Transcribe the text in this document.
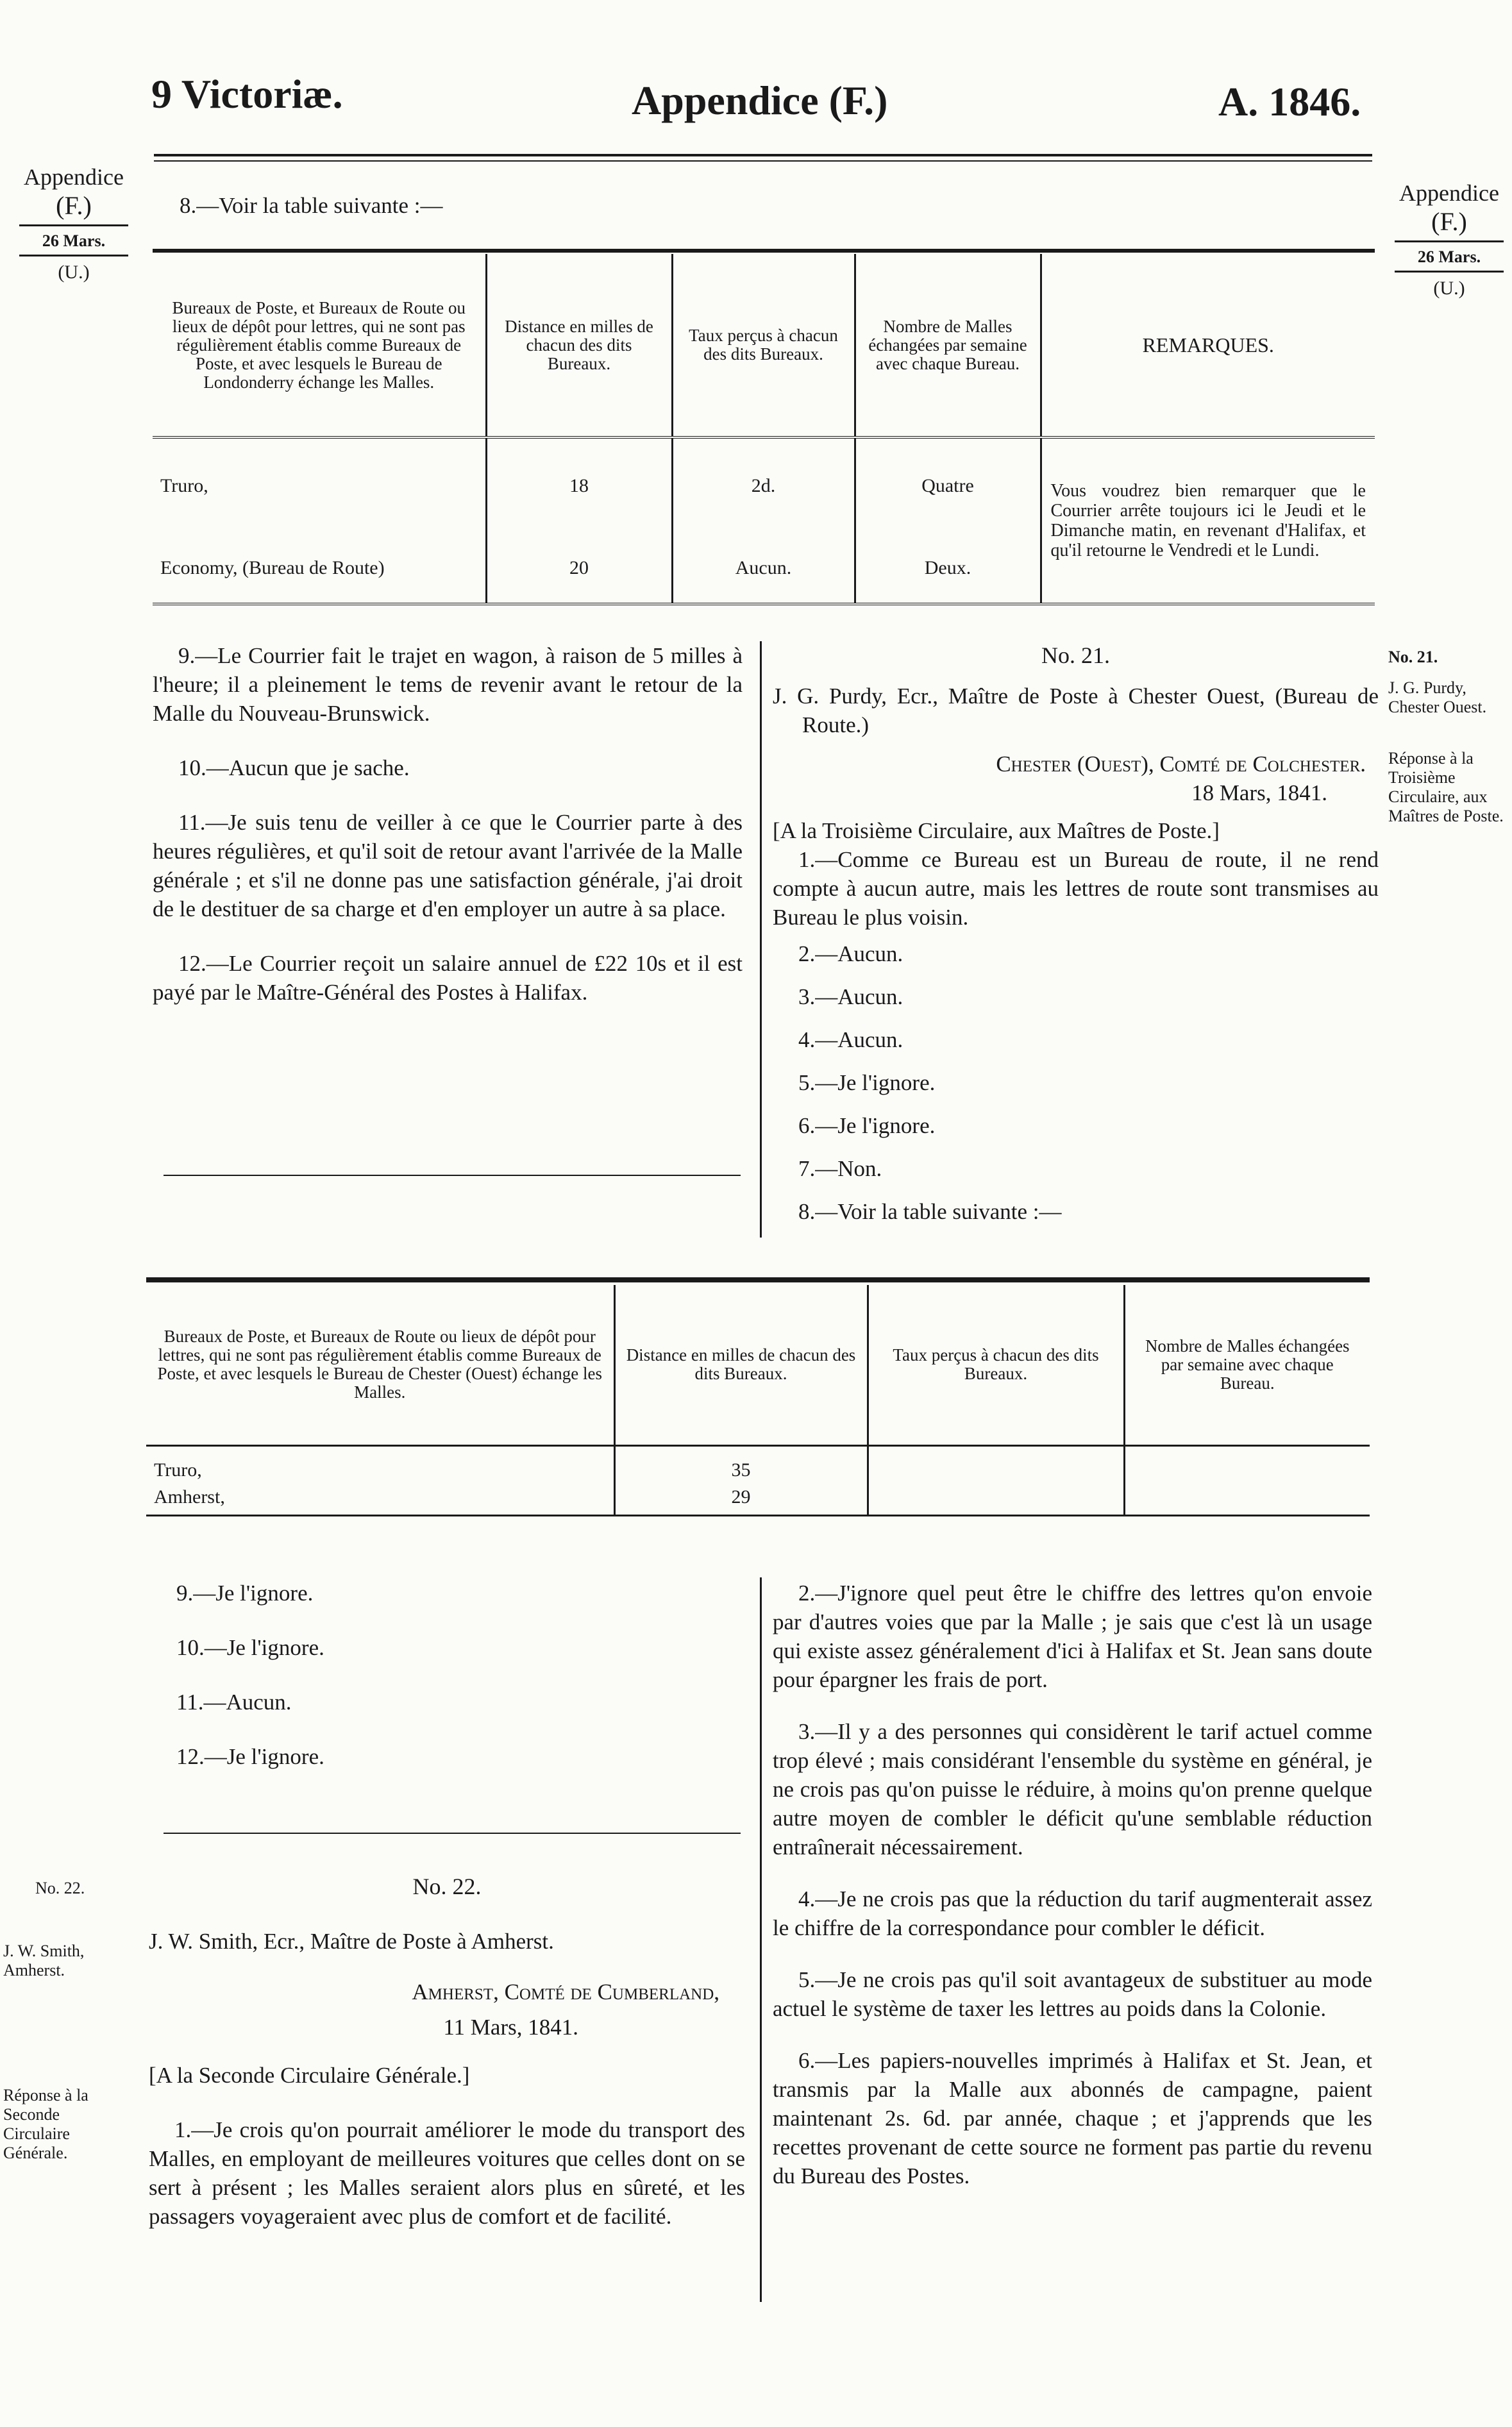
9 Victoriæ.	Appendice (F.)	A. 1846.
Appendice
(F.)
26 Mars.
(U.)
Appendice
(F.)
26 Mars.
(U.)
8.—Voir la table suivante :—
Bureaux de Poste, et Bureaux de Route ou lieux de dépôt pour lettres, qui ne sont pas régulièrement établis comme Bureaux de Poste, et avec lesquels le Bureau de Londonderry échange les Malles.	Distance en milles de chacun des dits Bureaux.	Taux perçus à chacun des dits Bureaux.	Nombre de Malles échangées par semaine avec chaque Bureau.	REMARQUES.
Truro,	18	2d.	Quatre	Vous voudrez bien remarquer que le Courrier arrête toujours ici le Jeudi et le Dimanche matin, en revenant d'Halifax, et qu'il retourne le Vendredi et le Lundi.
Economy, (Bureau de Route)	20	Aucun.	Deux.	

9.—Le Courrier fait le trajet en wagon, à raison de 5 milles à l'heure; il a pleinement le tems de revenir avant le retour de la Malle du Nouveau-Brunswick.

10.—Aucun que je sache.

11.—Je suis tenu de veiller à ce que le Courrier parte à des heures régulières, et qu'il soit de retour avant l'arrivée de la Malle générale ; et s'il ne donne pas une satisfaction générale, j'ai droit de le destituer de sa charge et d'en employer un autre à sa place.

12.—Le Courrier reçoit un salaire annuel de £22 10s et il est payé par le Maître-Général des Postes à Halifax.

No. 21.

J. G. Purdy, Ecr., Maître de Poste à Chester Ouest, (Bureau de Route.)

Chester (Ouest), Comté de Colchester.

18 Mars, 1841.

[A la Troisième Circulaire, aux Maîtres de Poste.]

1.—Comme ce Bureau est un Bureau de route, il ne rend compte à aucun autre, mais les lettres de route sont transmises au Bureau le plus voisin.

2.—Aucun.

3.—Aucun.

4.—Aucun.

5.—Je l'ignore.

6.—Je l'ignore.

7.—Non.

8.—Voir la table suivante :—

No. 21.
J. G. Purdy, Chester Ouest.
Réponse à la Troisième Circulaire, aux Maîtres de Poste.
Bureaux de Poste, et Bureaux de Route ou lieux de dépôt pour lettres, qui ne sont pas régulièrement établis comme Bureaux de Poste, et avec lesquels le Bureau de Chester (Ouest) échange les Malles.	Distance en milles de chacun des dits Bureaux.	Taux perçus à chacun des dits Bureaux.	Nombre de Malles échangées par semaine avec chaque Bureau.
Truro,	35		
Amherst,	29		

9.—Je l'ignore.

10.—Je l'ignore.

11.—Aucun.

12.—Je l'ignore.

No. 22.

J. W. Smith, Ecr., Maître de Poste à Amherst.

Amherst, Comté de Cumberland,

11 Mars, 1841.

[A la Seconde Circulaire Générale.]

1.—Je crois qu'on pourrait améliorer le mode du transport des Malles, en employant de meilleures voitures que celles dont on se sert à présent ; les Malles seraient alors plus en sûreté, et les passagers voyageraient avec plus de comfort et de facilité.

No. 22.
J. W. Smith, Amherst.
Réponse à la Seconde Circulaire Générale.

2.—J'ignore quel peut être le chiffre des lettres qu'on envoie par d'autres voies que par la Malle ; je sais que c'est là un usage qui existe assez généralement d'ici à Halifax et St. Jean sans doute pour épargner les frais de port.

3.—Il y a des personnes qui considèrent le tarif actuel comme trop élevé ; mais considérant l'ensemble du système en général, je ne crois pas qu'on puisse le réduire, à moins qu'on prenne quelque autre moyen de combler le déficit qu'une semblable réduction entraînerait nécessairement.

4.—Je ne crois pas que la réduction du tarif augmenterait assez le chiffre de la correspondance pour combler le déficit.

5.—Je ne crois pas qu'il soit avantageux de substituer au mode actuel le système de taxer les lettres au poids dans la Colonie.

6.—Les papiers-nouvelles imprimés à Halifax et St. Jean, et transmis par la Malle aux abonnés de campagne, paient maintenant 2s. 6d. par année, chaque ; et j'apprends que les recettes provenant de cette source ne forment pas partie du revenu du Bureau des Postes.
